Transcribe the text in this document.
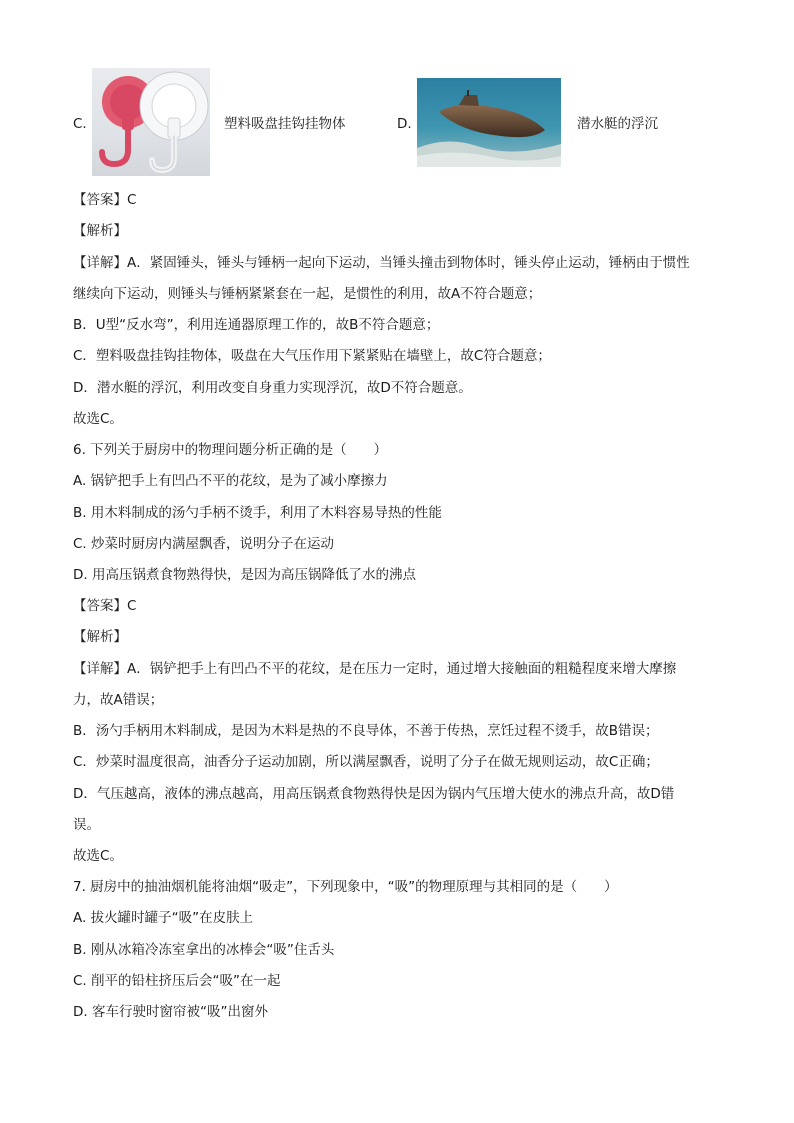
C.	塑料吸盘挂钩挂物体	D.	潜水艇的浮沉
【答案】C
【解析】
【详解】A．紧固锤头，锤头与锤柄一起向下运动，当锤头撞击到物体时，锤头停止运动，锤柄由于惯性
继续向下运动，则锤头与锤柄紧紧套在一起，是惯性的利用，故A不符合题意；
B．U型“反水弯”，利用连通器原理工作的，故B不符合题意；
C．塑料吸盘挂钩挂物体，吸盘在大气压作用下紧紧贴在墙壁上，故C符合题意；
D．潜水艇的浮沉，利用改变自身重力实现浮沉，故D不符合题意。
故选C。
6. 下列关于厨房中的物理问题分析正确的是（　　）
A. 锅铲把手上有凹凸不平的花纹，是为了减小摩擦力
B. 用木料制成的汤勺手柄不烫手，利用了木料容易导热的性能
C. 炒菜时厨房内满屋飘香，说明分子在运动
D. 用高压锅煮食物熟得快，是因为高压锅降低了水的沸点
【答案】C
【解析】
【详解】A．锅铲把手上有凹凸不平的花纹，是在压力一定时，通过增大接触面的粗糙程度来增大摩擦
力，故A错误；
B．汤勺手柄用木料制成，是因为木料是热的不良导体，不善于传热，烹饪过程不烫手，故B错误；
C．炒菜时温度很高，油香分子运动加剧，所以满屋飘香，说明了分子在做无规则运动，故C正确；
D．气压越高，液体的沸点越高，用高压锅煮食物熟得快是因为锅内气压增大使水的沸点升高，故D错
误。
故选C。
7. 厨房中的抽油烟机能将油烟“吸走”，下列现象中，“吸”的物理原理与其相同的是（　　）
A. 拔火罐时罐子“吸”在皮肤上
B. 刚从冰箱冷冻室拿出的冰棒会“吸”住舌头
C. 削平的铅柱挤压后会“吸”在一起
D. 客车行驶时窗帘被“吸”出窗外
